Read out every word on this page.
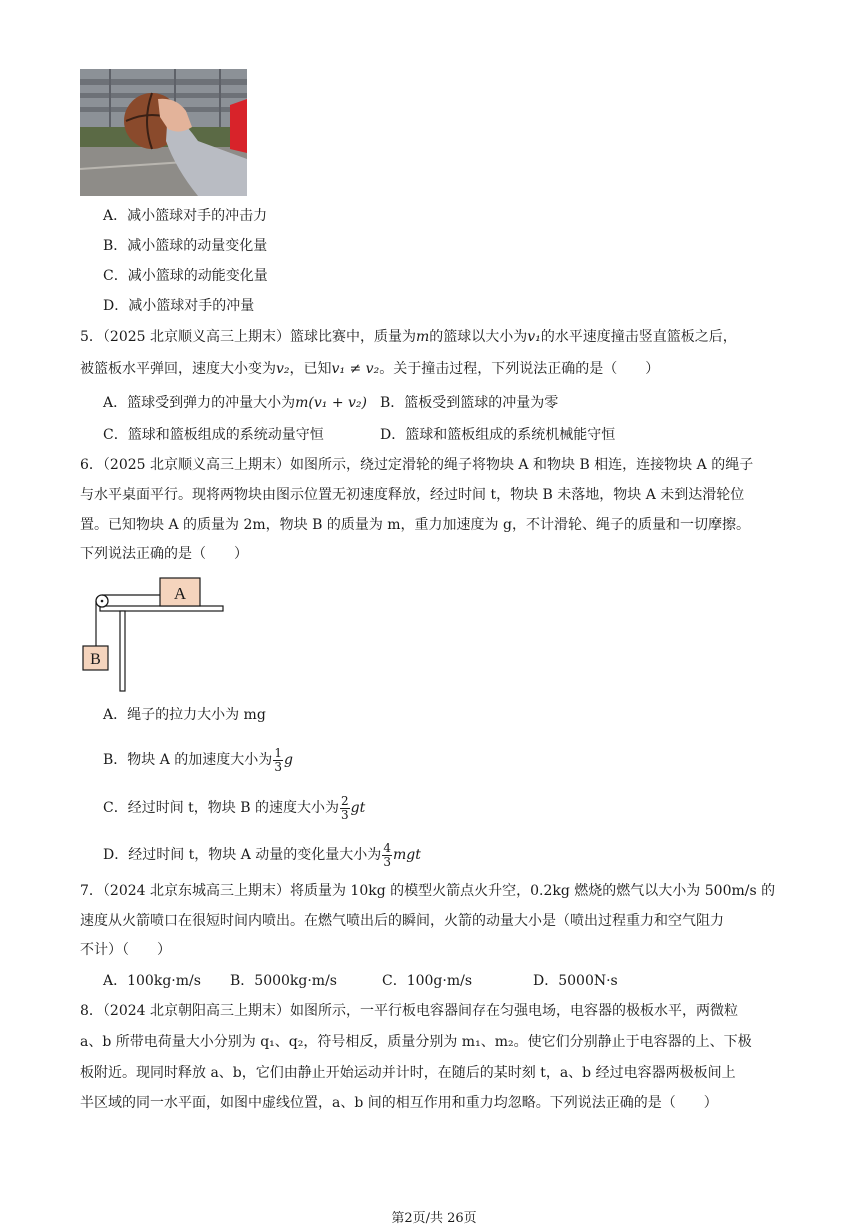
A．减小篮球对手的冲击力
B．减小篮球的动量变化量
C．减小篮球的动能变化量
D．减小篮球对手的冲量
5．（2025 北京顺义高三上期末）篮球比赛中，质量为m的篮球以大小为v₁的水平速度撞击竖直篮板之后，
被篮板水平弹回，速度大小变为v₂，已知v₁ ≠ v₂。关于撞击过程，下列说法正确的是（　　）
A．篮球受到弹力的冲量大小为m(v₁ + v₂) B．篮板受到篮球的冲量为零
C．篮球和篮板组成的系统动量守恒	D．篮球和篮板组成的系统机械能守恒
6．（2025 北京顺义高三上期末）如图所示，绕过定滑轮的绳子将物块 A 和物块 B 相连，连接物块 A 的绳子
与水平桌面平行。现将两物块由图示位置无初速度释放，经过时间 t，物块 B 未落地，物块 A 未到达滑轮位
置。已知物块 A 的质量为 2m，物块 B 的质量为 m，重力加速度为 g，不计滑轮、绳子的质量和一切摩擦。
下列说法正确的是（　　）
A
B
A．绳子的拉力大小为 mg
B．物块 A 的加速度大小为 $\frac{1}{3}$ g
C．经过时间 t，物块 B 的速度大小为 $\frac{2}{3}$ gt
D．经过时间 t，物块 A 动量的变化量大小为 $\frac{4}{3}$ mgt
7．（2024 北京东城高三上期末）将质量为 10kg 的模型火箭点火升空，0.2kg 燃烧的燃气以大小为 500m/s 的
速度从火箭喷口在很短时间内喷出。在燃气喷出后的瞬间，火箭的动量大小是（喷出过程重力和空气阻力
不计）（　　）
A．100kg·m/s B．5000kg·m/s	C．100g·m/s	D．5000N·s
8．（2024 北京朝阳高三上期末）如图所示，一平行板电容器间存在匀强电场，电容器的极板水平，两微粒
a、b 所带电荷量大小分别为 q₁、q₂，符号相反，质量分别为 m₁、m₂。使它们分别静止于电容器的上、下极
板附近。现同时释放 a、b，它们由静止开始运动并计时，在随后的某时刻 t，a、b 经过电容器两极板间上
半区域的同一水平面，如图中虚线位置，a、b 间的相互作用和重力均忽略。下列说法正确的是（　　）
第2页/共 26页
